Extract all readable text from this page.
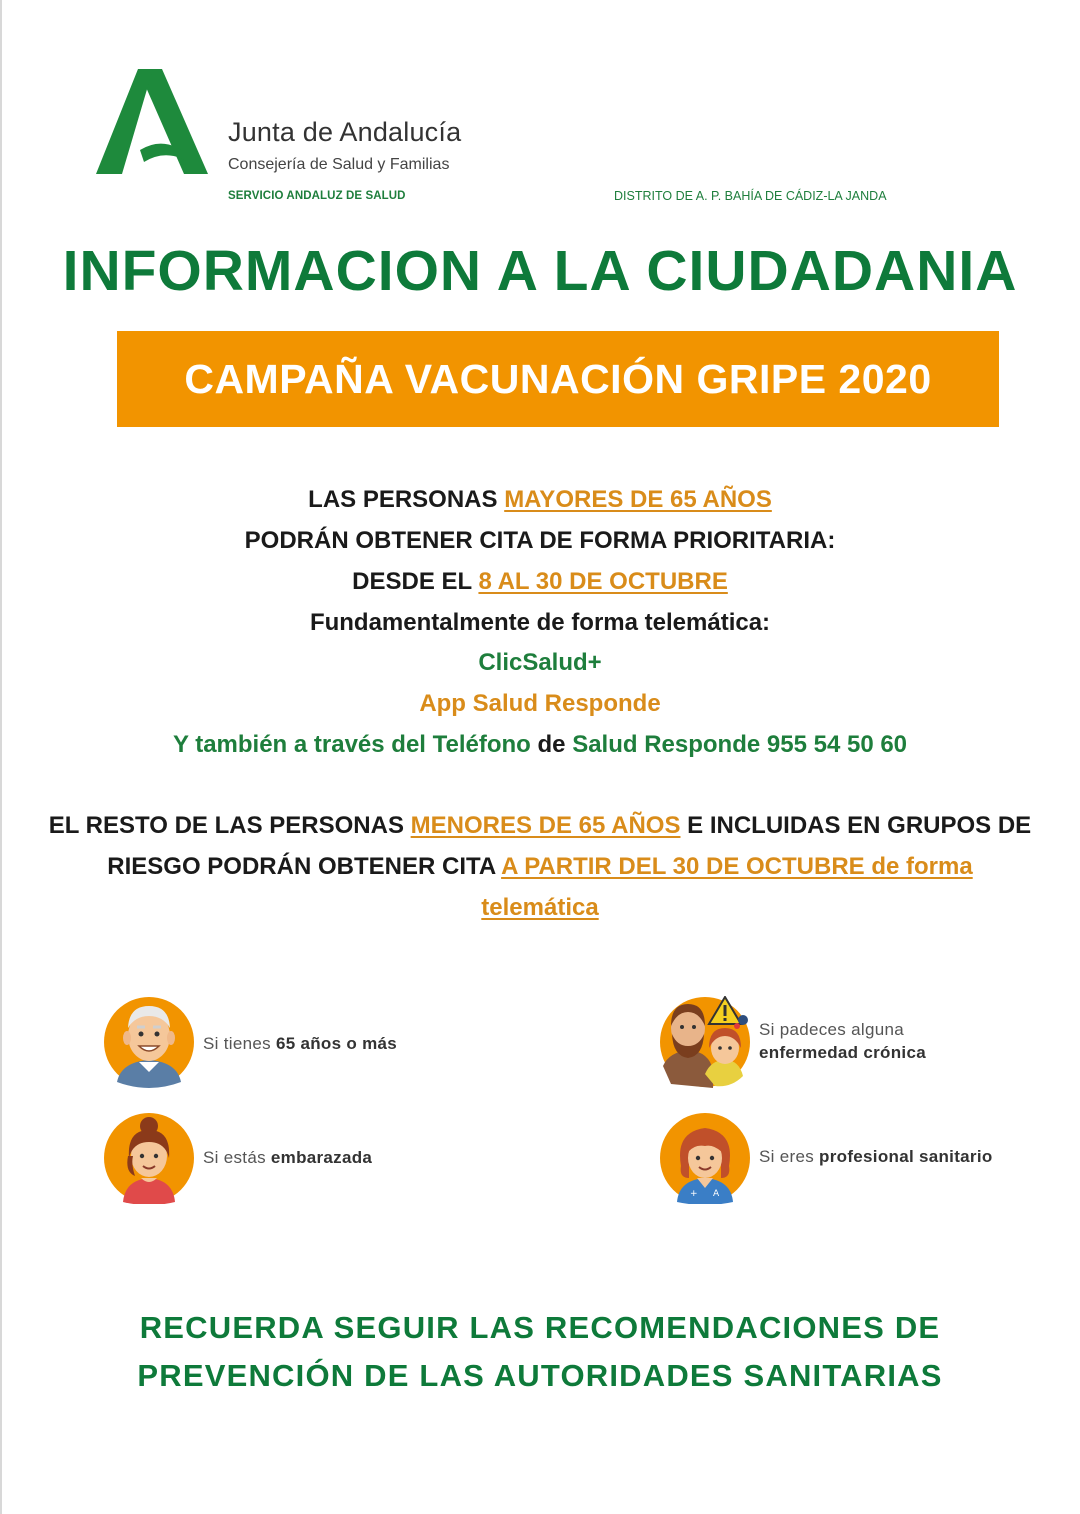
Junta de Andalucía
Consejería de Salud y Familias
SERVICIO ANDALUZ DE SALUD	DISTRITO DE A. P. BAHÍA DE CÁDIZ-LA JANDA
INFORMACION A LA CIUDADANIA
CAMPAÑA VACUNACIÓN GRIPE 2020
LAS PERSONAS MAYORES DE 65 AÑOS
PODRÁN OBTENER CITA DE FORMA PRIORITARIA:
DESDE EL 8 AL 30 DE OCTUBRE
Fundamentalmente de forma telemática:
ClicSalud+
App Salud Responde
Y también a través del Teléfono de Salud Responde 955 54 50 60
EL RESTO DE LAS PERSONAS MENORES DE 65 AÑOS E INCLUIDAS EN GRUPOS DE
RIESGO PODRÁN OBTENER CITA A PARTIR DEL 30 DE OCTUBRE de forma
telemática
Si tienes 65 años o más
Si padeces alguna
enfermedad crónica
Si estás embarazada
+ A
Si eres profesional sanitario
RECUERDA SEGUIR LAS RECOMENDACIONES DE
PREVENCIÓN DE LAS AUTORIDADES SANITARIAS
